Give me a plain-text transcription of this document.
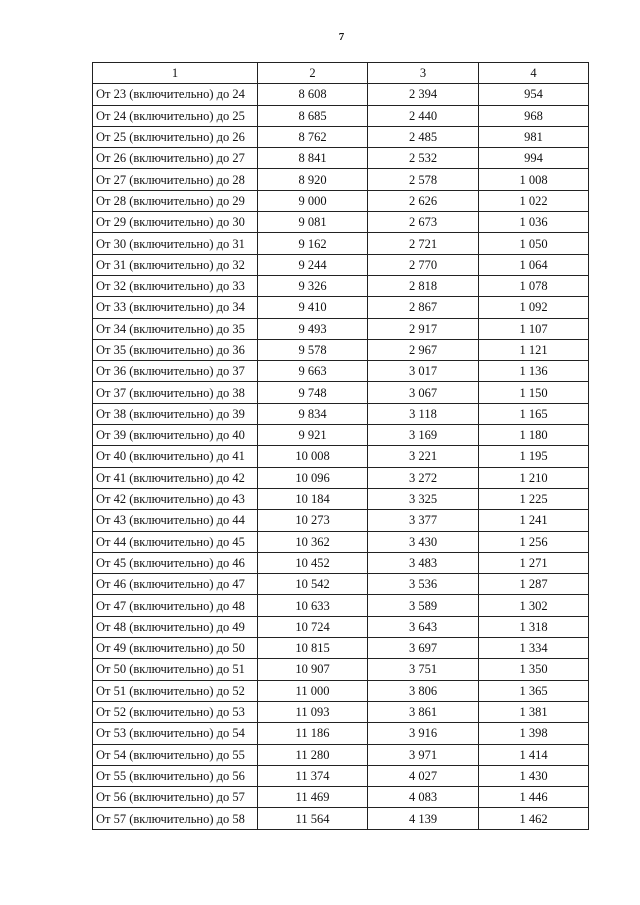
7
1	2	3	4
От 23 (включительно) до 24	8 608	2 394	954
От 24 (включительно) до 25	8 685	2 440	968
От 25 (включительно) до 26	8 762	2 485	981
От 26 (включительно) до 27	8 841	2 532	994
От 27 (включительно) до 28	8 920	2 578	1 008
От 28 (включительно) до 29	9 000	2 626	1 022
От 29 (включительно) до 30	9 081	2 673	1 036
От 30 (включительно) до 31	9 162	2 721	1 050
От 31 (включительно) до 32	9 244	2 770	1 064
От 32 (включительно) до 33	9 326	2 818	1 078
От 33 (включительно) до 34	9 410	2 867	1 092
От 34 (включительно) до 35	9 493	2 917	1 107
От 35 (включительно) до 36	9 578	2 967	1 121
От 36 (включительно) до 37	9 663	3 017	1 136
От 37 (включительно) до 38	9 748	3 067	1 150
От 38 (включительно) до 39	9 834	3 118	1 165
От 39 (включительно) до 40	9 921	3 169	1 180
От 40 (включительно) до 41	10 008	3 221	1 195
От 41 (включительно) до 42	10 096	3 272	1 210
От 42 (включительно) до 43	10 184	3 325	1 225
От 43 (включительно) до 44	10 273	3 377	1 241
От 44 (включительно) до 45	10 362	3 430	1 256
От 45 (включительно) до 46	10 452	3 483	1 271
От 46 (включительно) до 47	10 542	3 536	1 287
От 47 (включительно) до 48	10 633	3 589	1 302
От 48 (включительно) до 49	10 724	3 643	1 318
От 49 (включительно) до 50	10 815	3 697	1 334
От 50 (включительно) до 51	10 907	3 751	1 350
От 51 (включительно) до 52	11 000	3 806	1 365
От 52 (включительно) до 53	11 093	3 861	1 381
От 53 (включительно) до 54	11 186	3 916	1 398
От 54 (включительно) до 55	11 280	3 971	1 414
От 55 (включительно) до 56	11 374	4 027	1 430
От 56 (включительно) до 57	11 469	4 083	1 446
От 57 (включительно) до 58	11 564	4 139	1 462
